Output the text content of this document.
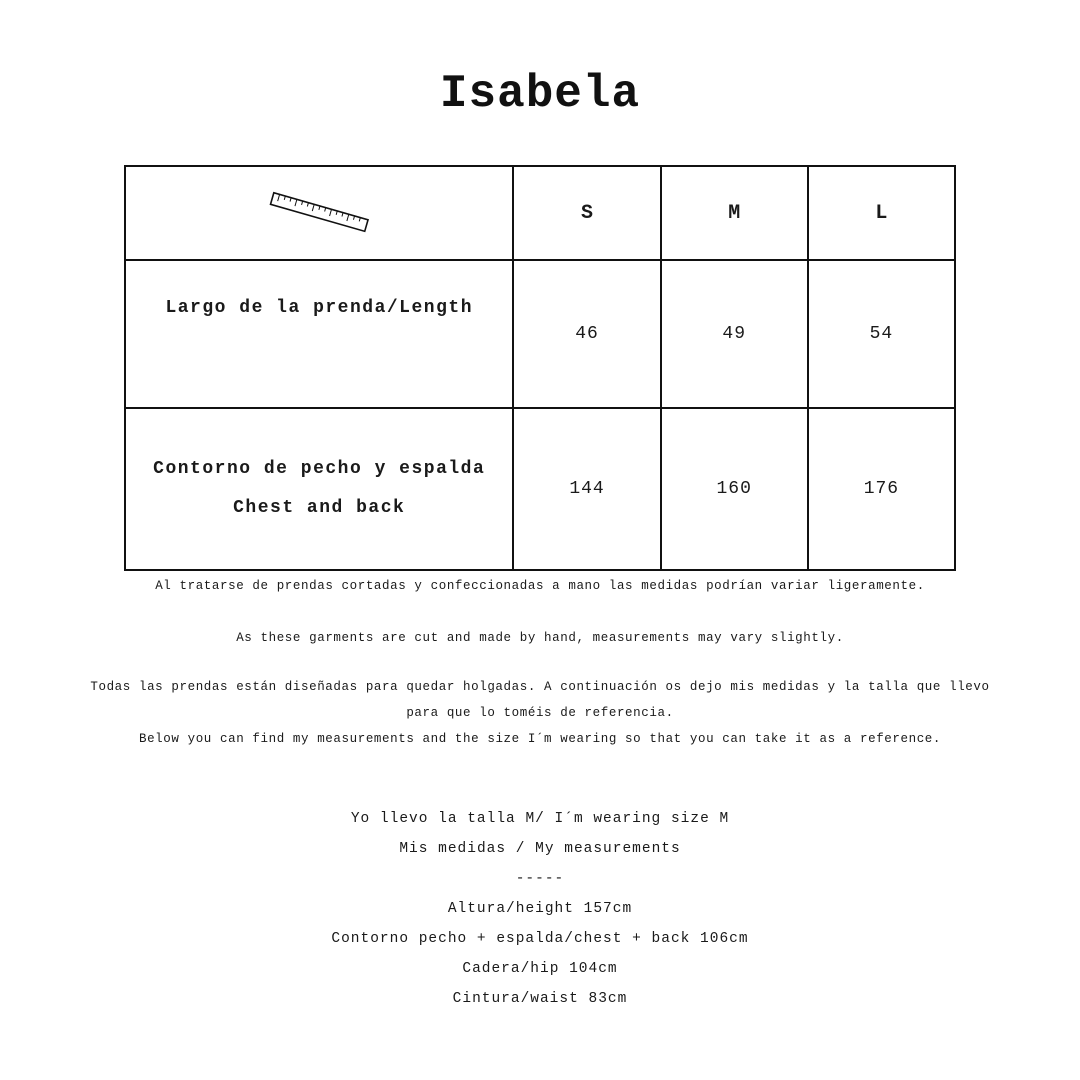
Isabela
	S	M	L

Largo de la prenda/Length	46	49	54

Contorno de pecho y espalda
Chest and back	144	160	176
Al tratarse de prendas cortadas y confeccionadas a mano las medidas podrían variar ligeramente.
As these garments are cut and made by hand, measurements may vary slightly.
Todas las prendas están diseñadas para quedar holgadas. A continuación os dejo mis medidas y la talla que llevo
para que lo toméis de referencia.
Below you can find my measurements and the size I´m wearing so that you can take it as a reference.
Yo llevo la talla M/ I´m wearing size M
Mis medidas / My measurements
-----
Altura/height 157cm
Contorno pecho + espalda/chest + back 106cm
Cadera/hip 104cm
Cintura/waist 83cm
